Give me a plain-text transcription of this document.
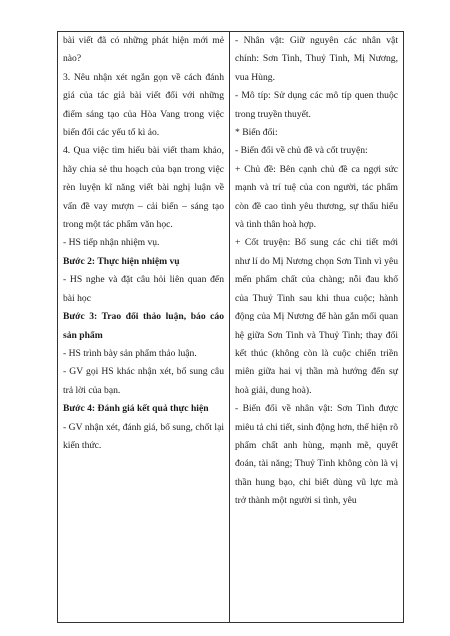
bài viết đã có những phát hiện mới mẻ nào?
3. Nêu nhận xét ngắn gọn về cách đánh giá của tác giả bài viết đối với những điểm sáng tạo của Hòa Vang trong việc biến đổi các yếu tố kì ảo.
4. Qua việc tìm hiểu bài viết tham khảo, hãy chia sẻ thu hoạch của bạn trong việc rèn luyện kĩ năng viết bài nghị luận về vấn đề vay mượn – cải biến – sáng tạo trong một tác phẩm văn học.
- HS tiếp nhận nhiệm vụ.
Bước 2: Thực hiện nhiệm vụ
- HS nghe và đặt câu hỏi liên quan đến bài học
Bước 3: Trao đổi thảo luận, báo cáo sản phẩm
- HS trình bày sản phẩm thảo luận.
- GV gọi HS khác nhận xét, bổ sung câu trả lời của bạn.
Bước 4: Đánh giá kết quả thực hiện
- GV nhận xét, đánh giá, bổ sung, chốt lại kiến thức.

- Nhân vật: Giữ nguyên các nhân vật chính: Sơn Tinh, Thuỷ Tinh, Mị Nương, vua Hùng.
- Mô típ: Sử dụng các mô típ quen thuộc trong truyền thuyết.
* Biến đổi:
- Biến đổi về chủ đề và cốt truyện:
+ Chủ đề: Bên cạnh chủ đề ca ngợi sức mạnh và trí tuệ của con người, tác phẩm còn đề cao tình yêu thương, sự thấu hiểu và tình thân hoà hợp.
+ Cốt truyện: Bổ sung các chi tiết mới như lí do Mị Nương chọn Sơn Tinh vì yêu mến phẩm chất của chàng; nỗi đau khổ của Thuỷ Tinh sau khi thua cuộc; hành động của Mị Nương để hàn gắn mối quan hệ giữa Sơn Tinh và Thuỷ Tinh; thay đổi kết thúc (không còn là cuộc chiến triền miên giữa hai vị thần mà hướng đến sự hoà giải, dung hoà).
- Biến đổi về nhân vật: Sơn Tinh được miêu tả chi tiết, sinh động hơn, thể hiện rõ phẩm chất anh hùng, mạnh mẽ, quyết đoán, tài năng; Thuỷ Tinh không còn là vị thần hung bạo, chỉ biết dùng vũ lực mà trở thành một người si tình, yêu
